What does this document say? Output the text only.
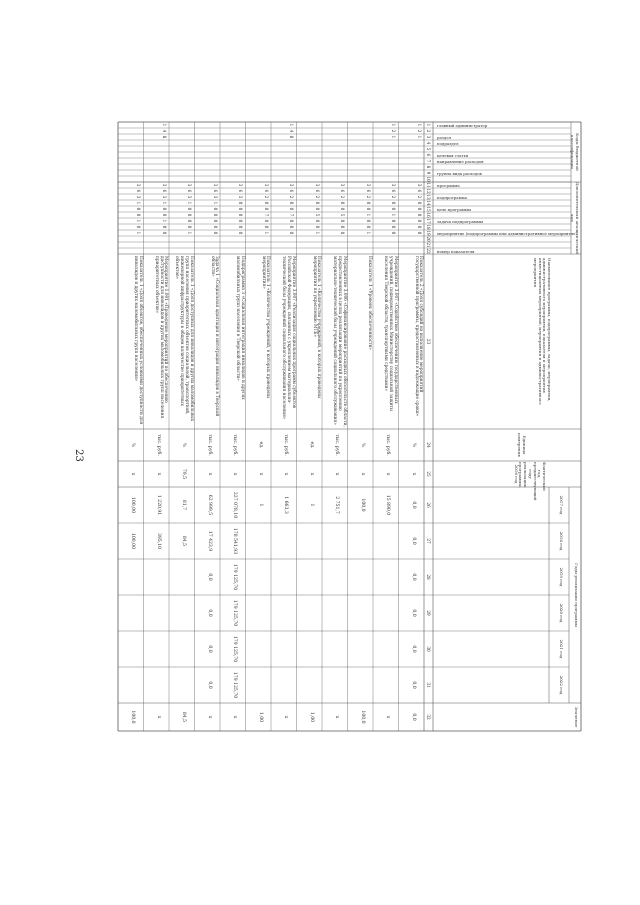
23
Коды бюджетной классификации
Дополнительный аналитический код
Наименование программы, подпрограммы, задачи, мероприятия, административного мероприятия, показателя и мероприятия инвестиционных мероприятий, мероприятия и административного мероприятия
Единица измерения
Фактический год, предшествующий году реализации программы, 2016 год
Годы реализации программы
2017 год
2018 год
2019 год
2020 год
2021 год
2022 год
Значение
главный администратор
раздел
подраздел
целевая статья
направление расходов
группа вида расходов
программа
подпрограмма
цель программы
задача подпрограммы
мероприятие (подпрограммы или административное мероприятие)
номер показателя
1
2
3
4
5
6
7
8
9
10
11
12
13
14
15
16
17
18
19
20
21
22
23
24
25
26
27
28
29
30
31
32
1
2
1
3
6
2
0
0
0
0
0
0
Показатель 2 «Доля субсидий на выполнение мероприятий государственной программы, предоставленных в надлежащие сроки»
%
х
0,0
0,0
0,0
0,0
0,0
0,0
0,0
1
2
1
3
6
2
0
0
1
0
0
0
Мероприятие 3.007 «Содействие обеспечению государственных учреждений, подведомственных Министерству социальной защиты населения Тверской области, транспортными средствами»
тыс. руб.
х
15 890,0
х
3
6
2
0
0
1
0
0
1
Показатель 1 «Уровень обеспеченности»
%
х
100,0
100,0
3
6
2
0
0
5
0
0
0
Мероприятие 3.006 «Софинансирование расходных обязательств области, предоставленных в целях реализации мероприятий по укреплению материально-технической базы учреждений социального обслуживания»
тыс. руб.
х
2 751,7
х
3
6
2
0
0
5
0
0
1
Показатель 1 «Количество учреждений, в которых проведены мероприятия по укреплению МТБ»
ед.
х
1
1,00
1
4
8
3
6
2
0
0
7
0
0
0
Мероприятие 3.007 «Реализация социальных программ субъектов Российской Федерации, связанных с укреплением материально-технической базы учреждений социального обслуживания населения»
тыс. руб.
х
1 663,3
х
3
6
2
0
0
7
0
0
1
Показатель 1 «Количество учреждений, в которых проведены мероприятия»
ед.
х
1
1,00
3
6
3
0
0
0
0
0
0
Подпрограмма 3 «Социальная интеграция инвалидов и других маломобильных групп населения в Тверской области»
тыс. руб.
х
227 078,10
178 541,93
179 125,70
179 125,70
179 125,70
179 125,70
х
3
6
3
1
0
0
0
0
0
Задача 1 «Социальная адаптация и интеграция инвалидов в Тверской области»
тыс. руб.
х
62 999,5
17 423,9
0,0
0,0
0,0
0,0
х
3
6
3
1
0
0
0
0
1
Показатель 1 «Доля доступных для инвалидов и других маломобильных групп населения приоритетных объектов социальной, транспортной, инженерной инфраструктуры в общем количестве приоритетных объектов»
%
79,5
81,7
84,5
84,5
1
4
8
3
6
3
1
0
0
1
0
0
Мероприятие 1.001 «Проведение мероприятий по обеспечению доступности для инвалидов и других маломобильных групп населения приоритетных объектов»
тыс. руб.
х
1 220,91
395,10
х
3
6
3
1
0
0
1
0
1
Показатель 1 «Доля объектов, обеспеченных условиями доступности для инвалидов и других маломобильных групп населения»
%
х
100,00
100,00
100,0
